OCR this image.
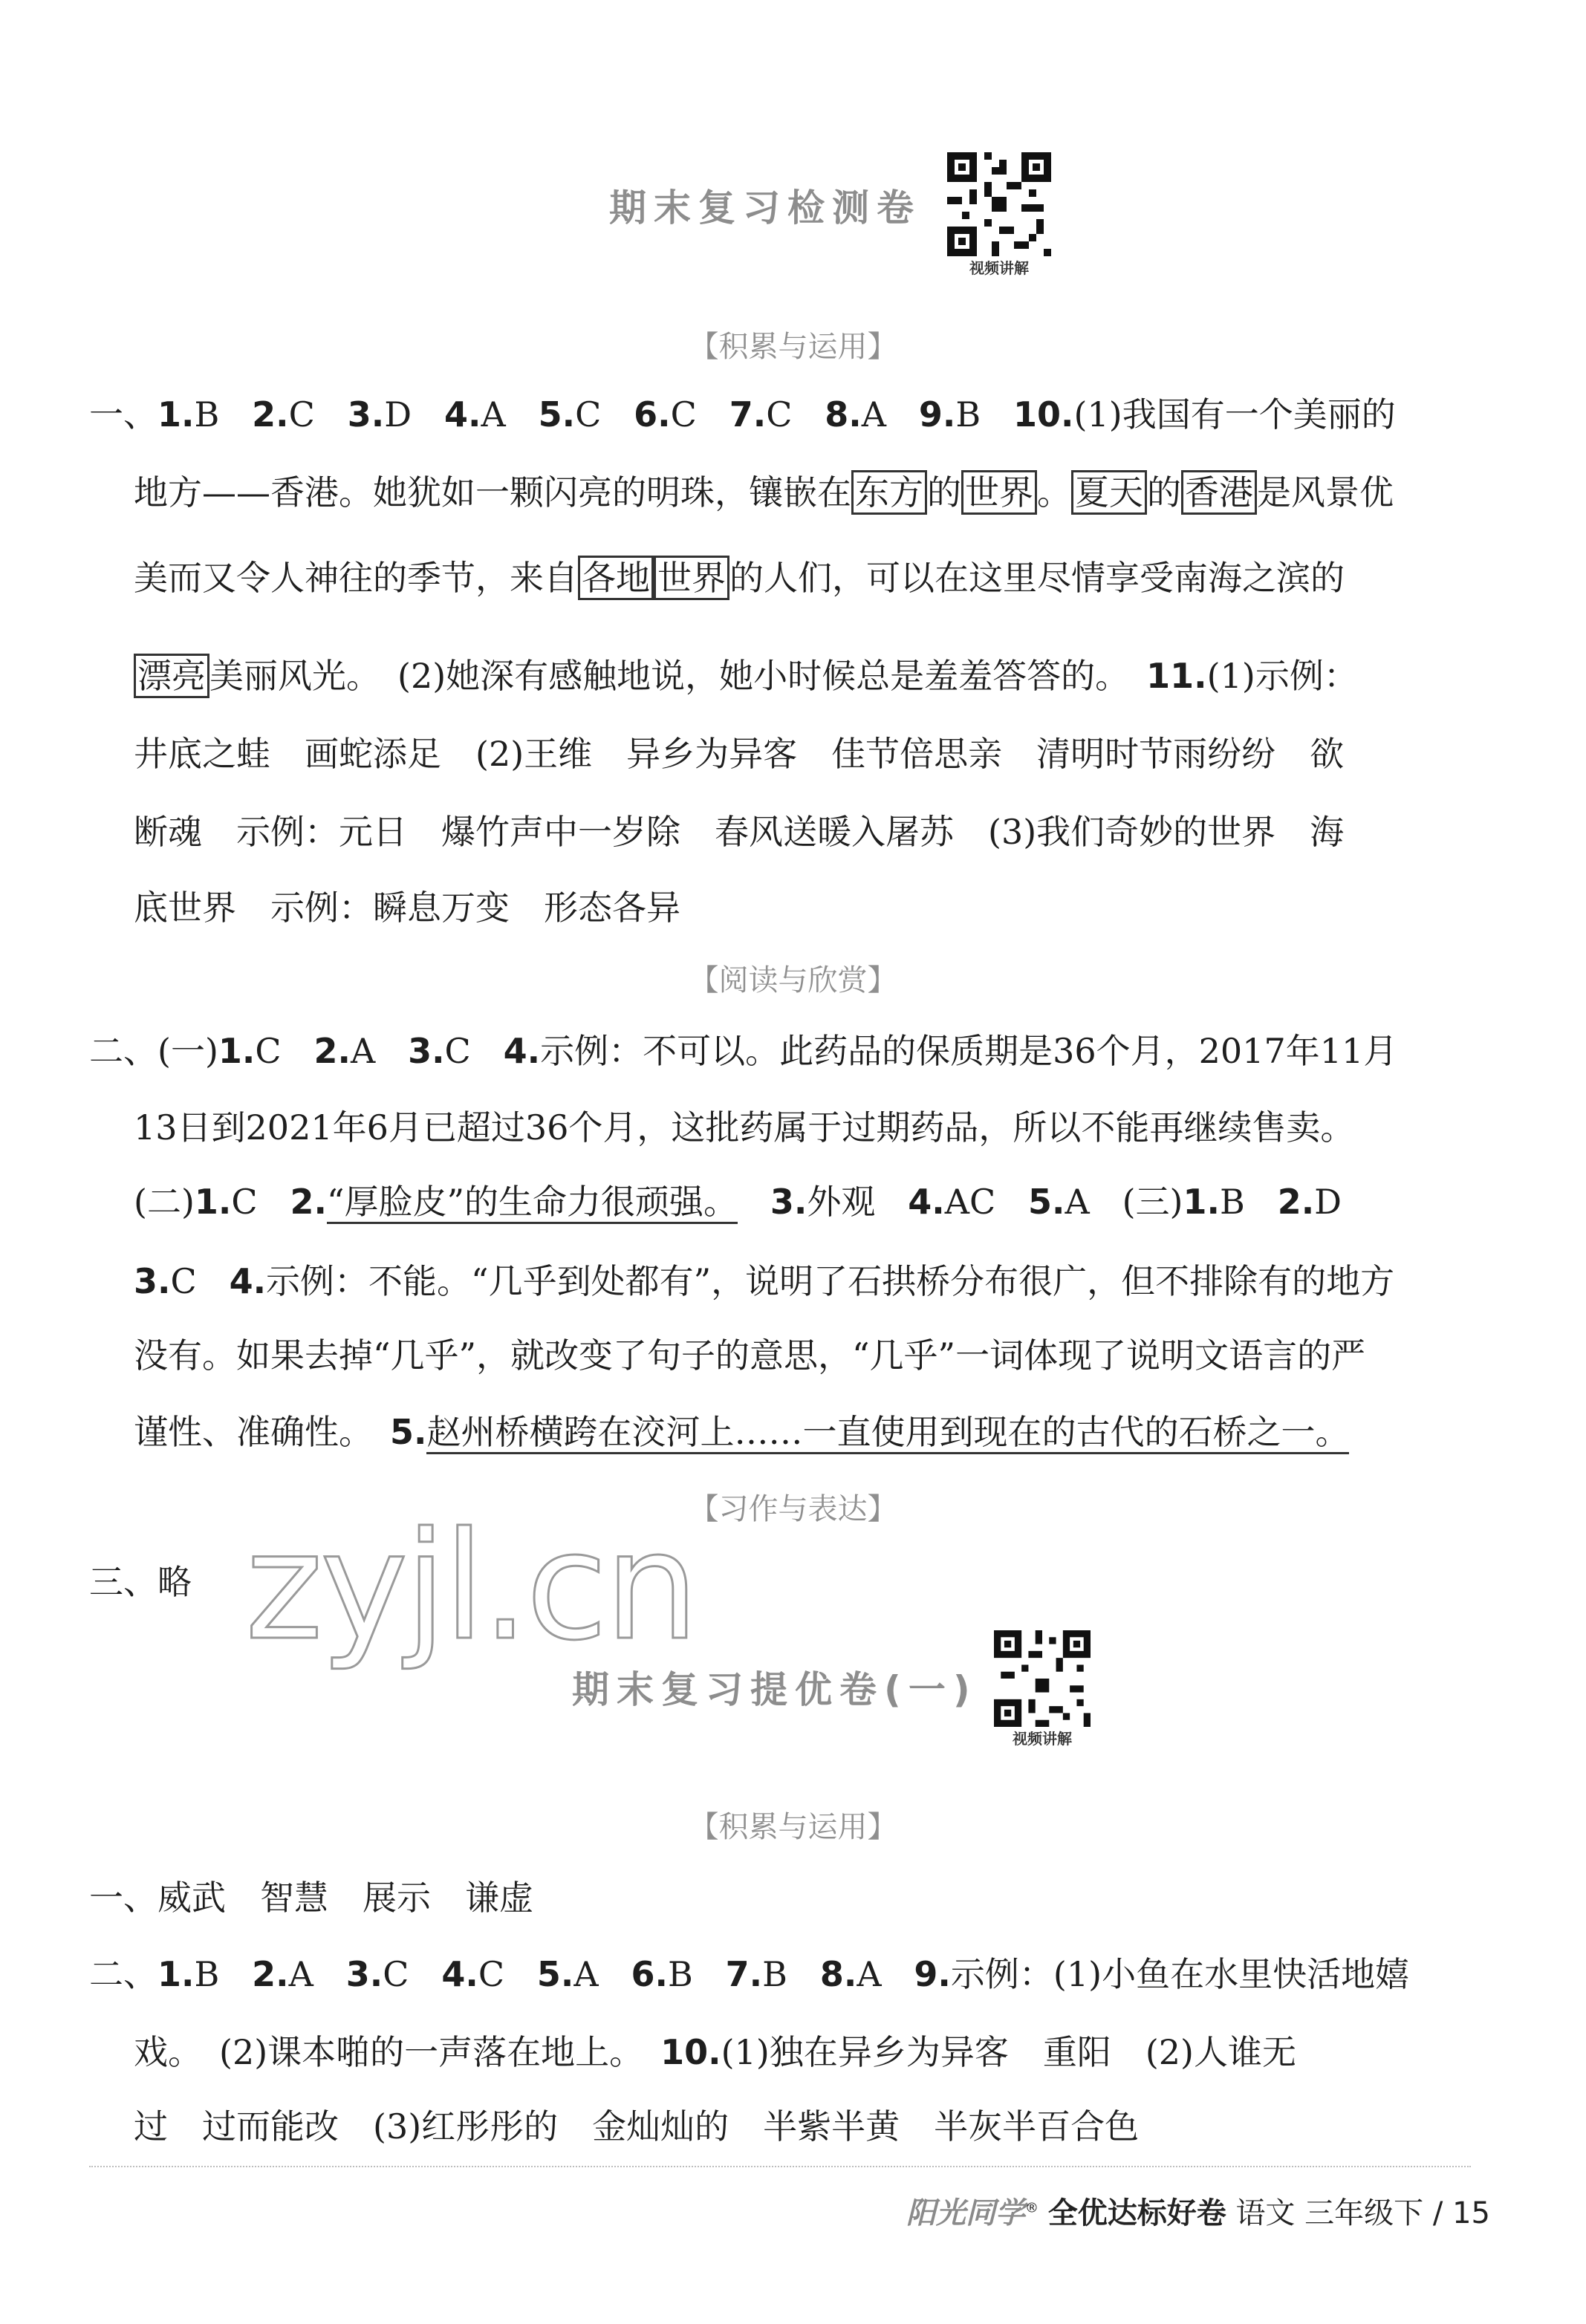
期末复习检测卷
视频讲解
【积累与运用】
一、1.B 2.C 3.D 4.A 5.C 6.C 7.C 8.A 9.B 10.(1)我国有一个美丽的
地方——香港。她犹如一颗闪亮的明珠，镶嵌在 东方 的 世界 。 夏天 的 香港 是风景优
美而又令人神往的季节，来自 各地 世界 的人们，可以在这里尽情享受南海之滨的
漂亮 美丽风光。　(2)她深有感触地说，她小时候总是羞羞答答的。　11.(1)示例：
井底之蛙　画蛇添足　(2)王维　异乡为异客　佳节倍思亲　清明时节雨纷纷　欲
断魂　示例：元日　爆竹声中一岁除　春风送暖入屠苏　(3)我们奇妙的世界　海
底世界　示例：瞬息万变　形态各异
【阅读与欣赏】
二、(一)1.C 2.A 3.C 4.示例：不可以。此药品的保质期是36个月，2017年11月
13日到2021年6月已超过36个月，这批药属于过期药品，所以不能再继续售卖。
(二)1.C 2.“厚脸皮”的生命力很顽强。 3.外观 4.AC 5.A (三)1.B 2.D
3.C 4.示例：不能。“几乎到处都有”，说明了石拱桥分布很广，但不排除有的地方
没有。如果去掉“几乎”，就改变了句子的意思，“几乎”一词体现了说明文语言的严
谨性、准确性。　5.赵州桥横跨在洨河上……一直使用到现在的古代的石桥之一。
【习作与表达】
三、略 zyjl.cn
期末复习提优卷(一)
视频讲解
【积累与运用】
一、威武　智慧　展示　谦虚
二、1.B 2.A 3.C 4.C 5.A 6.B 7.B 8.A 9.示例：(1)小鱼在水里快活地嬉
戏。　(2)课本啪的一声落在地上。　10.(1)独在异乡为异客　重阳　(2)人谁无
过　过而能改　(3)红彤彤的　金灿灿的　半紫半黄　半灰半百合色
阳光同学® 全优达标好卷 语文 三年级下 / 15
